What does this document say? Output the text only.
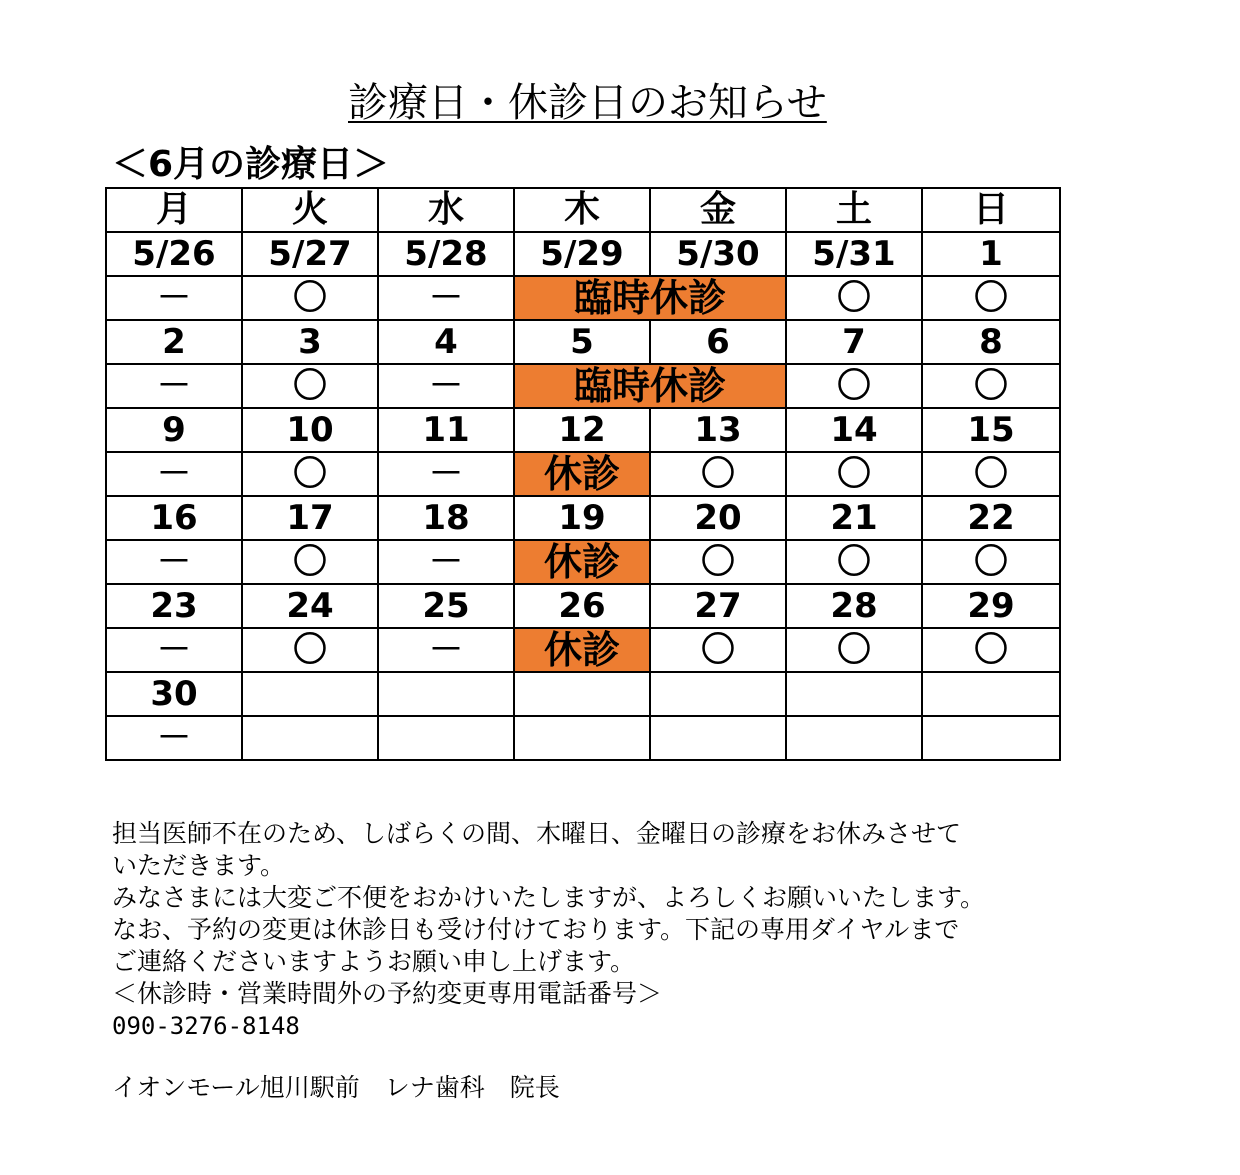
診療日・休診日のお知らせ
＜6月の診療日＞
月	火	水	木	金	土	日
5/26	5/27	5/28	5/29	5/30	5/31	1
－	〇	－	臨時休診		〇	〇
2	3	4	5	6	7	8
－	〇	－	臨時休診		〇	〇
9	10	11	12	13	14	15
－	〇	－	休診	〇	〇	〇
16	17	18	19	20	21	22
－	〇	－	休診	〇	〇	〇
23	24	25	26	27	28	29
－	〇	－	休診	〇	〇	〇
30						
－						

担当医師不在のため、しばらくの間、木曜日、金曜日の診療をお休みさせて

いただきます。

みなさまには大変ご不便をおかけいたしますが、よろしくお願いいたします。

なお、予約の変更は休診日も受け付けております。下記の専用ダイヤルまで

ご連絡くださいますようお願い申し上げます。

＜休診時・営業時間外の予約変更専用電話番号＞

090-3276-8148

イオンモール旭川駅前　レナ歯科　院長
